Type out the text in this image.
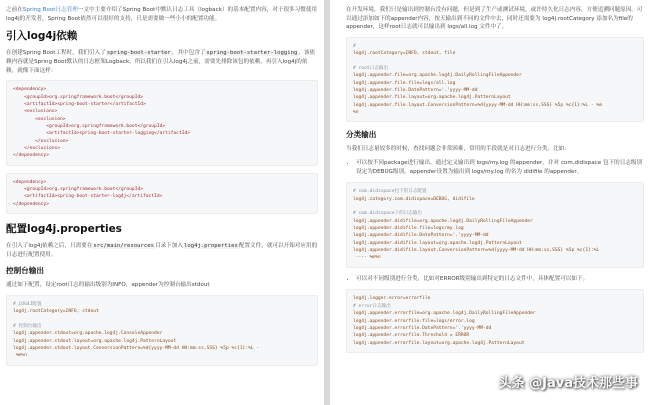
之前在Spring Boot日志管理一文中主要介绍了Spring Boot中默认日志工具（logback）的基本配置内容，对于很多习惯使用log4j的开发者，Spring Boot依然可以很好的支持，只是需要做一些小小的配置功能。

引入log4j依赖

在创建Spring Boot工程时，我们引入了spring-boot-starter，其中包含了spring-boot-starter-logging，该依赖内容就是Spring Boot默认的日志框架Logback，所以我们在引入log4j之前，需要先排除该包的依赖，再引入log4j的依赖，就像下面这样：

<dependency>
<groupId>org.springframework.boot</groupId>
<artifactId>spring-boot-starter</artifactId>
<exclusions>
<exclusion>
<groupId>org.springframework.boot</groupId>
<artifactId>spring-boot-starter-logging</artifactId>
</exclusion>
</exclusions>
</dependency>
<dependency>
<groupId>org.springframework.boot</groupId>
<artifactId>spring-boot-starter-log4j</artifactId>
</dependency>
配置log4j.properties

在引入了log4j依赖之后，只需要在src/main/resources目录下加入log4j.properties配置文件，就可以开始对应用的日志进行配置使用。

控制台输出

通过如下配置，设定root日志的输出级别为INFO，appender为控制台输出stdout

# LOG4J配置
log4j.rootCategory=INFO, stdout

# 控制台输出
log4j.appender.stdout=org.apache.log4j.ConsoleAppender
log4j.appender.stdout.layout=org.apache.log4j.PatternLayout
log4j.appender.stdout.layout.ConversionPattern=%d{yyyy-MM-dd HH:mm:ss,SSS} %5p %c{1}:%L -
%m%n

在开发环境，我们只是输出到控制台没有问题，但是到了生产或测试环境，或许持久化日志内容，方便追溯问题原因。可以通过添加如下的appender内容，按天输出到不同的文件中去，同时还需要为 log4j.rootCategory 添加名为file的appender，这样root日志就可以输出到 logs/all.log 文件中了。

#
log4j.rootCategory=INFO, stdout, file

# root日志输出
log4j.appender.file=org.apache.log4j.DailyRollingFileAppender
log4j.appender.file.file=logs/all.log
log4j.appender.file.DatePattern='.'yyyy-MM-dd
log4j.appender.file.layout=org.apache.log4j.PatternLayout
log4j.appender.file.layout.ConversionPattern=%d{yyyy-MM-dd HH:mm:ss,SSS} %5p %c{1}:%L - %m
%n
分类输出

当我们日志量较多的时候，查找问题会非常困难，常用的手段就是对日志进行分类，比如：

• 可以按不同package进行输出。通过定义输出到 logs/my.log 的appender，并对 com.didispace 包下的日志级别设定为DEBUG级别，appender设置为输出到 logs/my.log 的名为 didifile 的appender。
# com.didispace包下的日志配置
log4j.category.com.didispace=DEBUG, didifile

# com.didispace下的日志输出
log4j.appender.didifile=org.apache.log4j.DailyRollingFileAppender
log4j.appender.didifile.file=logs/my.log
log4j.appender.didifile.DatePattern='.'yyyy-MM-dd
log4j.appender.didifile.layout=org.apache.log4j.PatternLayout
log4j.appender.didifile.layout.ConversionPattern=%d{yyyy-MM-dd HH:mm:ss,SSS} %5p %c{1}:%L
---- %m%n
• 可以对不同级别进行分类，比如对ERROR级别输出到特定的日志文件中，具体配置可以如下。
log4j.logger.error=errorfile
# error日志输出
log4j.appender.errorfile=org.apache.log4j.DailyRollingFileAppender
log4j.appender.errorfile.file=logs/error.log
log4j.appender.errorfile.DatePattern='.'yyyy-MM-dd
log4j.appender.errorfile.Threshold = ERROR
log4j.appender.errorfile.layout=org.apache.log4j.PatternLayout
头条 @Java技术那些事
